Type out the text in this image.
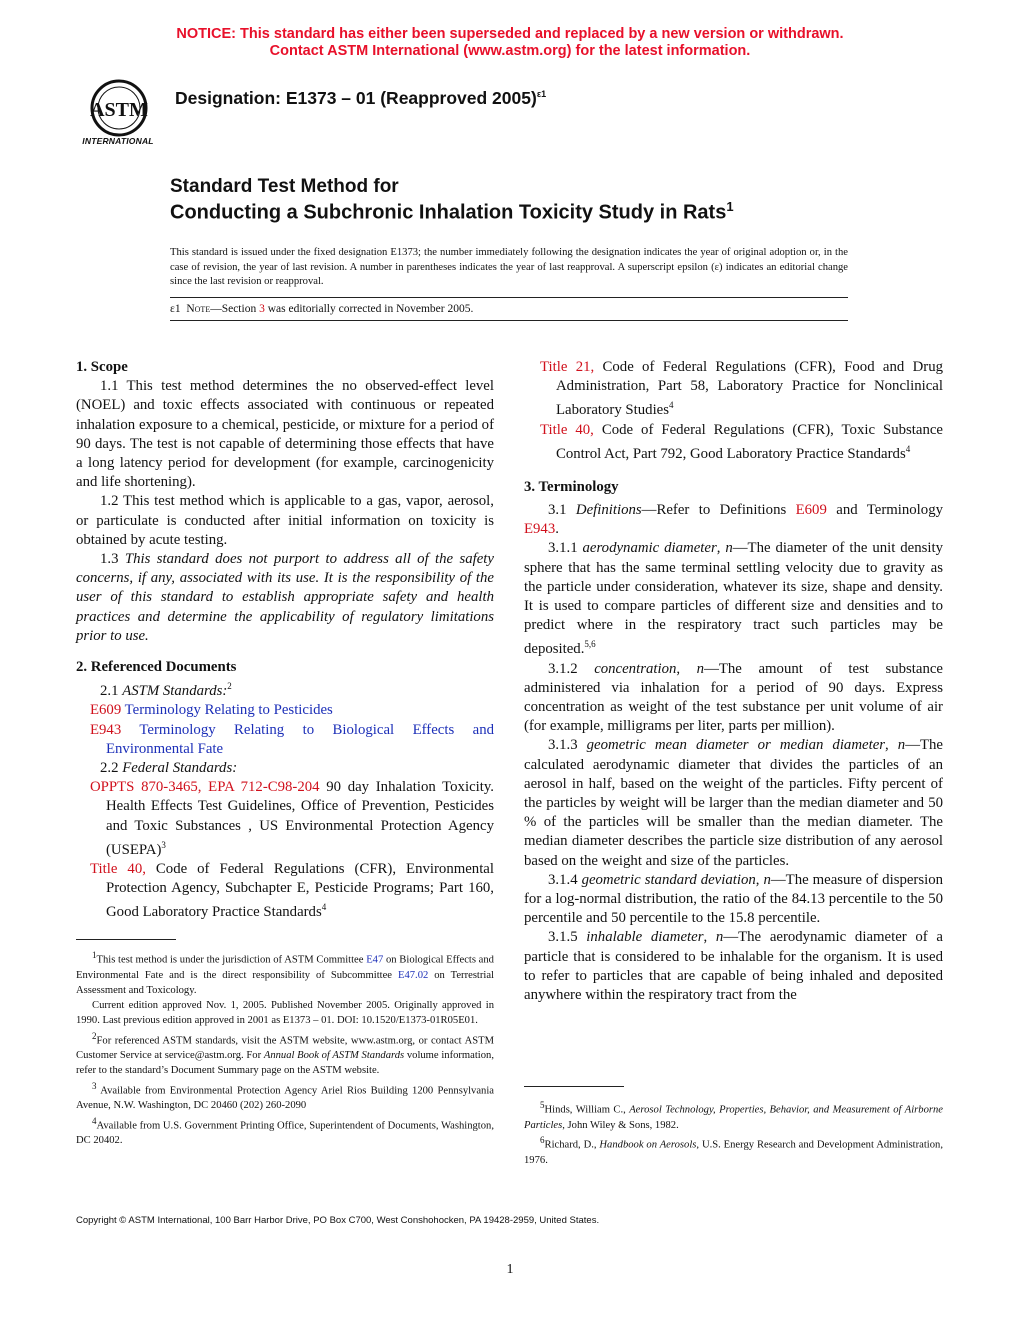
NOTICE: This standard has either been superseded and replaced by a new version or withdrawn.
Contact ASTM International (www.astm.org) for the latest information.
ASTM
INTERNATIONAL
Designation: E1373 – 01 (Reapproved 2005)$^{\varepsilon 1}$
Standard Test Method for
Conducting a Subchronic Inhalation Toxicity Study in Rats$^1$
This standard is issued under the fixed designation E1373; the number immediately following the designation indicates the year of original adoption or, in the case of revision, the year of last revision. A number in parentheses indicates the year of last reapproval. A superscript epsilon (ε) indicates an editorial change since the last revision or reapproval.
ε1 Note—Section 3 was editorially corrected in November 2005.

1. Scope

1.1 This test method determines the no observed-effect level (NOEL) and toxic effects associated with continuous or repeated inhalation exposure to a chemical, pesticide, or mixture for a period of 90 days. The test is not capable of determining those effects that have a long latency period for development (for example, carcinogenicity and life shortening).

1.2 This test method which is applicable to a gas, vapor, aerosol, or particulate is conducted after initial information on toxicity is obtained by acute testing.

1.3 This standard does not purport to address all of the safety concerns, if any, associated with its use. It is the responsibility of the user of this standard to establish appropriate safety and health practices and determine the applicability of regulatory limitations prior to use.

2. Referenced Documents

2.1 ASTM Standards:$^2$

E609 Terminology Relating to Pesticides

E943 Terminology Relating to Biological Effects and Environmental Fate

2.2 Federal Standards:

OPPTS 870-3465, EPA 712-C98-204 90 day Inhalation Toxicity. Health Effects Test Guidelines, Office of Prevention, Pesticides and Toxic Substances , US Environmental Protection Agency (USEPA)$^3$

Title 40, Code of Federal Regulations (CFR), Environmental Protection Agency, Subchapter E, Pesticide Programs; Part 160, Good Laboratory Practice Standards$^4$

$^1$This test method is under the jurisdiction of ASTM Committee E47 on Biological Effects and Environmental Fate and is the direct responsibility of Subcommittee E47.02 on Terrestrial Assessment and Toxicology.

Current edition approved Nov. 1, 2005. Published November 2005. Originally approved in 1990. Last previous edition approved in 2001 as E1373 – 01. DOI: 10.1520/E1373-01R05E01.

$^2$For referenced ASTM standards, visit the ASTM website, www.astm.org, or contact ASTM Customer Service at service@astm.org. For Annual Book of ASTM Standards volume information, refer to the standard’s Document Summary page on the ASTM website.

$^3$ Available from Environmental Protection Agency Ariel Rios Building 1200 Pennsylvania Avenue, N.W. Washington, DC 20460 (202) 260-2090

$^4$Available from U.S. Government Printing Office, Superintendent of Documents, Washington, DC 20402.

Title 21, Code of Federal Regulations (CFR), Food and Drug Administration, Part 58, Laboratory Practice for Nonclinical Laboratory Studies$^4$

Title 40, Code of Federal Regulations (CFR), Toxic Substance Control Act, Part 792, Good Laboratory Practice Standards$^4$

3. Terminology

3.1 Definitions—Refer to Definitions E609 and Terminology E943.

3.1.1 aerodynamic diameter, n—The diameter of the unit density sphere that has the same terminal settling velocity due to gravity as the particle under consideration, whatever its size, shape and density. It is used to compare particles of different size and densities and to predict where in the respiratory tract such particles may be deposited.$^{5,6}$

3.1.2 concentration, n—The amount of test substance administered via inhalation for a period of 90 days. Express concentration as weight of the test substance per unit volume of air (for example, milligrams per liter, parts per million).

3.1.3 geometric mean diameter or median diameter, n—The calculated aerodynamic diameter that divides the particles of an aerosol in half, based on the weight of the particles. Fifty percent of the particles by weight will be larger than the median diameter and 50 % of the particles will be smaller than the median diameter. The median diameter describes the particle size distribution of any aerosol based on the weight and size of the particles.

3.1.4 geometric standard deviation, n—The measure of dispersion for a log-normal distribution, the ratio of the 84.13 percentile to the 50 percentile and 50 percentile to the 15.8 percentile.

3.1.5 inhalable diameter, n—The aerodynamic diameter of a particle that is considered to be inhalable for the organism. It is used to refer to particles that are capable of being inhaled and deposited anywhere within the respiratory tract from the

$^5$Hinds, William C., Aerosol Technology, Properties, Behavior, and Measurement of Airborne Particles, John Wiley & Sons, 1982.

$^6$Richard, D., Handbook on Aerosols, U.S. Energy Research and Development Administration, 1976.

Copyright © ASTM International, 100 Barr Harbor Drive, PO Box C700, West Conshohocken, PA 19428-2959, United States.
1
